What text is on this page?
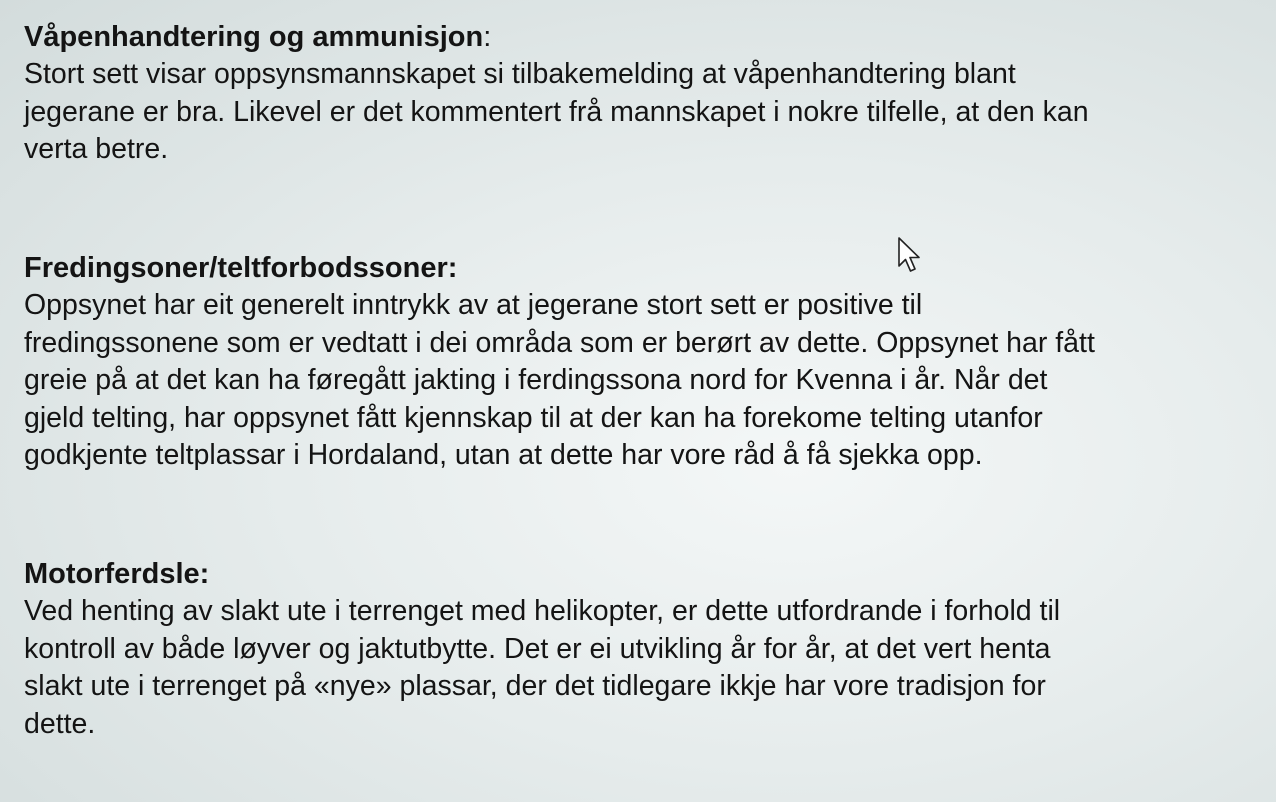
Våpenhandtering og ammunisjon:
Stort sett visar oppsynsmannskapet si tilbakemelding at våpenhandtering blant
jegerane er bra. Likevel er det kommentert frå mannskapet i nokre tilfelle, at den kan
verta betre.
Fredingsoner/teltforbodssoner:
Oppsynet har eit generelt inntrykk av at jegerane stort sett er positive til
fredingssonene som er vedtatt i dei områda som er berørt av dette. Oppsynet har fått
greie på at det kan ha føregått jakting i ferdingssona nord for Kvenna i år. Når det
gjeld telting, har oppsynet fått kjennskap til at der kan ha forekome telting utanfor
godkjente teltplassar i Hordaland, utan at dette har vore råd å få sjekka opp.
Motorferdsle:
Ved henting av slakt ute i terrenget med helikopter, er dette utfordrande i forhold til
kontroll av både løyver og jaktutbytte. Det er ei utvikling år for år, at det vert henta
slakt ute i terrenget på «nye» plassar, der det tidlegare ikkje har vore tradisjon for
dette.
